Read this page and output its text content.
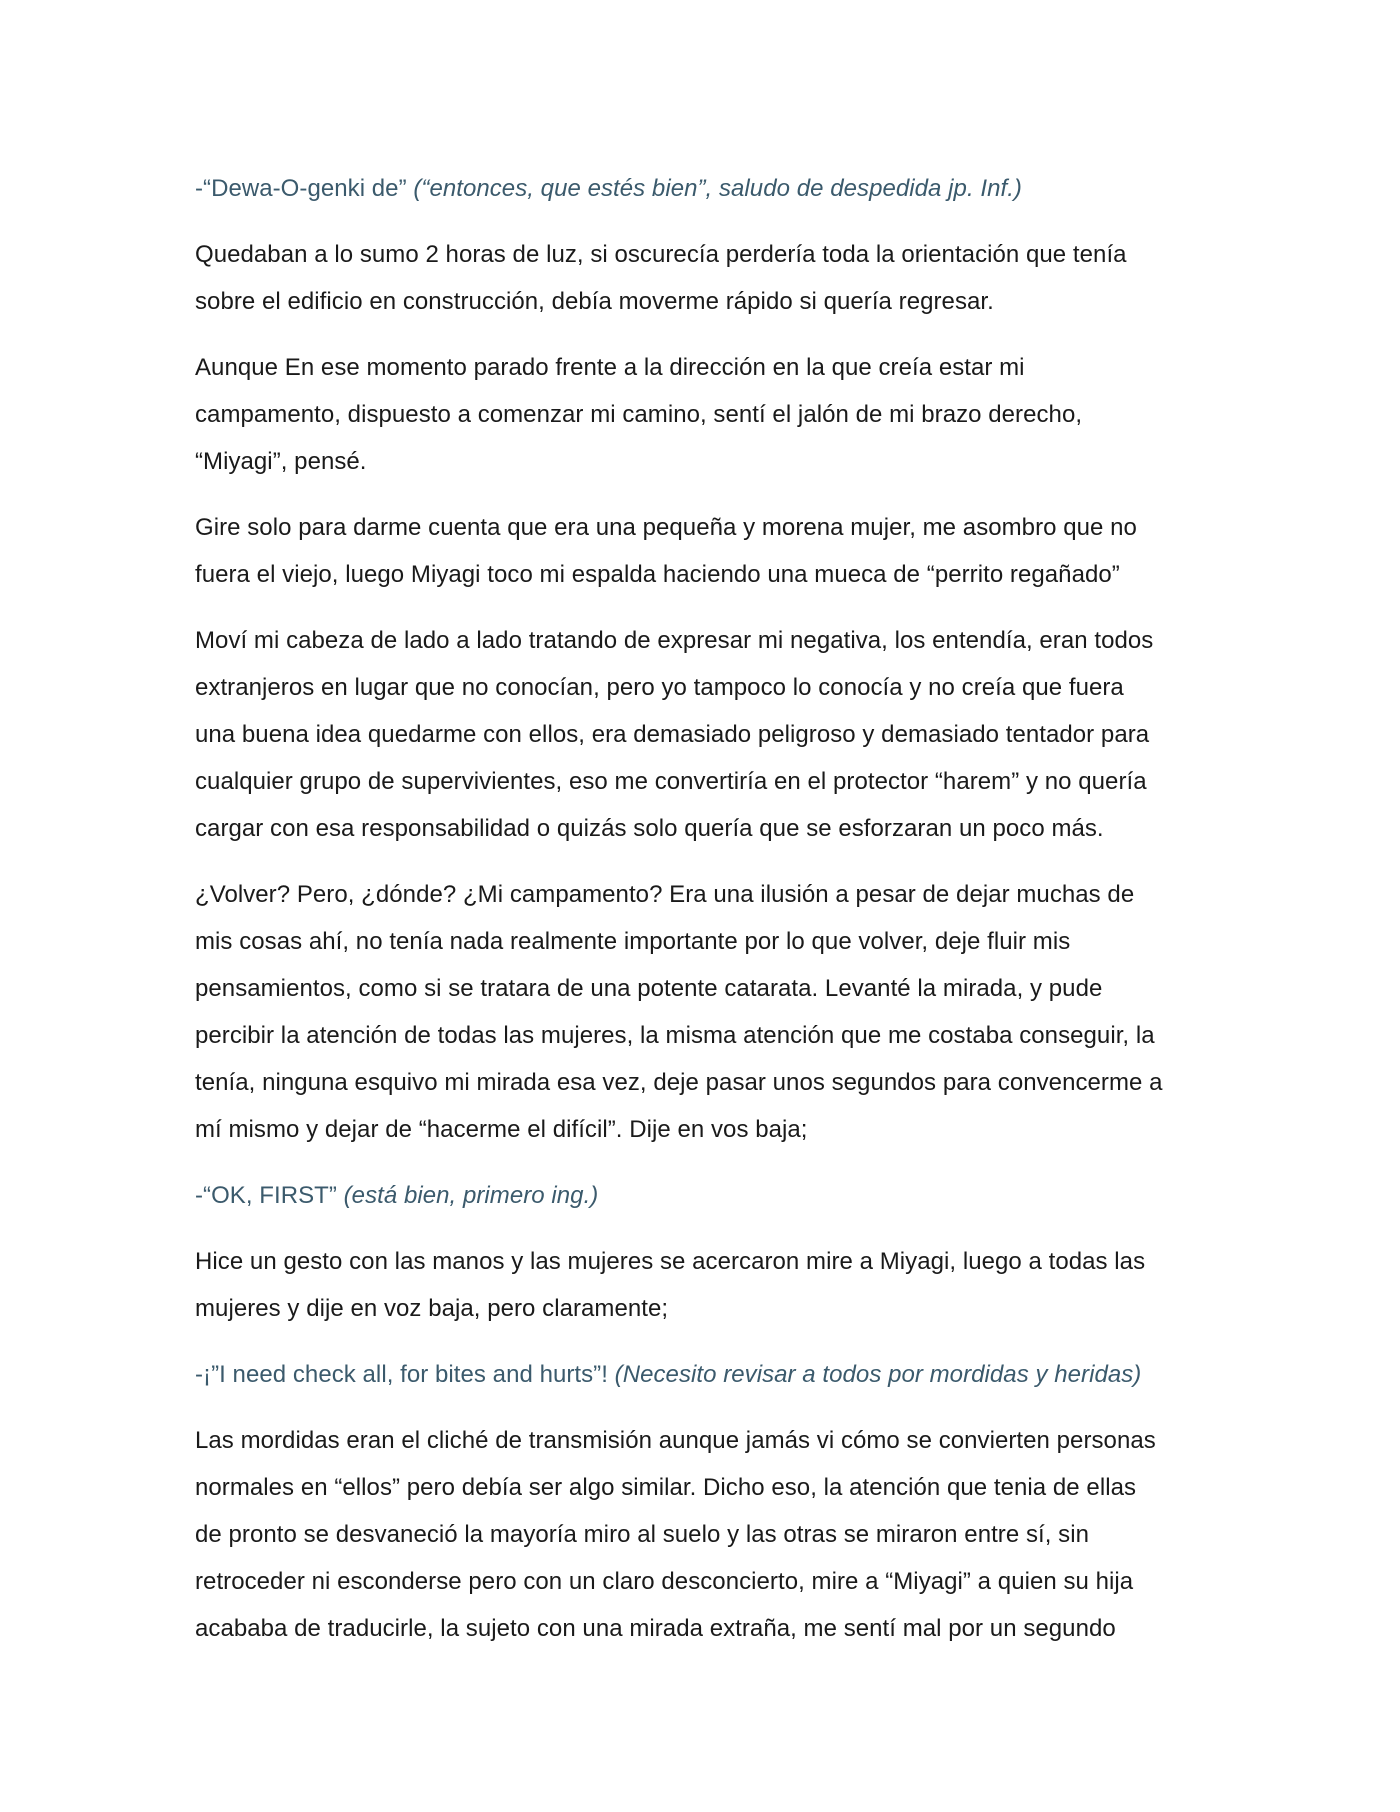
-“Dewa-O-genki de” (“entonces, que estés bien”, saludo de despedida jp. Inf.)
Quedaban a lo sumo 2 horas de luz, si oscurecía perdería toda la orientación que tenía
sobre el edificio en construcción, debía moverme rápido si quería regresar.
Aunque En ese momento parado frente a la dirección en la que creía estar mi
campamento, dispuesto a comenzar mi camino, sentí el jalón de mi brazo derecho,
“Miyagi”, pensé.
Gire solo para darme cuenta que era una pequeña y morena mujer, me asombro que no
fuera el viejo, luego Miyagi toco mi espalda haciendo una mueca de “perrito regañado”
Moví mi cabeza de lado a lado tratando de expresar mi negativa, los entendía, eran todos
extranjeros en lugar que no conocían, pero yo tampoco lo conocía y no creía que fuera
una buena idea quedarme con ellos, era demasiado peligroso y demasiado tentador para
cualquier grupo de supervivientes, eso me convertiría en el protector “harem” y no quería
cargar con esa responsabilidad o quizás solo quería que se esforzaran un poco más.
¿Volver? Pero, ¿dónde? ¿Mi campamento? Era una ilusión a pesar de dejar muchas de
mis cosas ahí, no tenía nada realmente importante por lo que volver, deje fluir mis
pensamientos, como si se tratara de una potente catarata. Levanté la mirada, y pude
percibir la atención de todas las mujeres, la misma atención que me costaba conseguir, la
tenía, ninguna esquivo mi mirada esa vez, deje pasar unos segundos para convencerme a
mí mismo y dejar de “hacerme el difícil”. Dije en vos baja;
-“OK, FIRST” (está bien, primero ing.)
Hice un gesto con las manos y las mujeres se acercaron mire a Miyagi, luego a todas las
mujeres y dije en voz baja, pero claramente;
-¡”I need check all, for bites and hurts”! (Necesito revisar a todos por mordidas y heridas)
Las mordidas eran el cliché de transmisión aunque jamás vi cómo se convierten personas
normales en “ellos” pero debía ser algo similar. Dicho eso, la atención que tenia de ellas
de pronto se desvaneció la mayoría miro al suelo y las otras se miraron entre sí, sin
retroceder ni esconderse pero con un claro desconcierto, mire a “Miyagi” a quien su hija
acababa de traducirle, la sujeto con una mirada extraña, me sentí mal por un segundo
